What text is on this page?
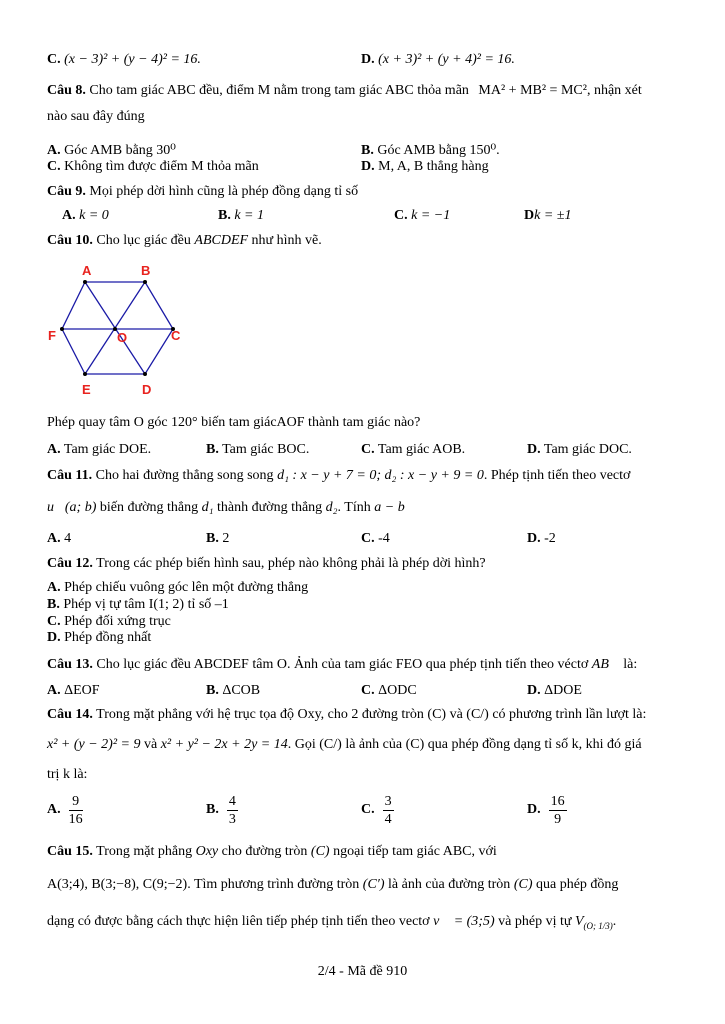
C. (x − 3)² + (y − 4)² = 16.	D. (x + 3)² + (y + 4)² = 16.
Câu 8. Cho tam giác ABC đều, điểm M nằm trong tam giác ABC thỏa mãn MA² + MB² = MC², nhận xét
nào sau đây đúng
A. Góc AMB bằng 30⁰	B. Góc AMB bằng 150⁰.
C. Không tìm được điểm M thỏa mãn	D. M, A, B thẳng hàng
Câu 9. Mọi phép dời hình cũng là phép đồng dạng tỉ số
A. k = 0	B. k = 1	C. k = −1	Dk = ±1
Câu 10. Cho lục giác đều ABCDEF như hình vẽ.
A	B
C
D
E
F	O
Phép quay tâm O góc 120° biến tam giácAOF thành tam giác nào?
A. Tam giác DOE.	B. Tam giác BOC.	C. Tam giác AOB.	D. Tam giác DOC.
Câu 11. Cho hai đường thẳng song song d₁ : x − y + 7 = 0; d₂ : x − y + 9 = 0. Phép tịnh tiến theo vectơ
u⃗(a; b) biến đường thẳng d₁ thành đường thẳng d₂. Tính a − b
A. 4	B. 2	C. -4	D. -2
Câu 12. Trong các phép biến hình sau, phép nào không phải là phép dời hình?
A. Phép chiếu vuông góc lên một đường thẳng
B. Phép vị tự tâm I(1; 2) tỉ số –1
C. Phép đối xứng trục
D. Phép đồng nhất
Câu 13. Cho lục giác đều ABCDEF tâm O. Ảnh của tam giác FEO qua phép tịnh tiến theo véctơ AB⃗ là:
A. ΔEOF	B. ΔCOB	C. ΔODC	D. ΔDOE
Câu 14. Trong mặt phẳng với hệ trục tọa độ Oxy, cho 2 đường tròn (C) và (C/) có phương trình lần lượt là:
x² + (y − 2)² = 9 và x² + y² − 2x + 2y = 14. Gọi (C/) là ảnh của (C) qua phép đồng dạng tỉ số k, khi đó giá
trị k là:
A. $\frac{9}{16}$	B. $\frac{4}{3}$	C. $\frac{3}{4}$	D. $\frac{16}{9}$
Câu 15. Trong mặt phẳng Oxy cho đường tròn (C) ngoại tiếp tam giác ABC, với
A(3;4), B(3;−8), C(9;−2). Tìm phương trình đường tròn (C′) là ảnh của đường tròn (C) qua phép đồng
dạng có được bằng cách thực hiện liên tiếp phép tịnh tiến theo vectơ v⃗ = (3;5) và phép vị tự $V_{(O; 1/3)}$.
2/4 - Mã đề 910
